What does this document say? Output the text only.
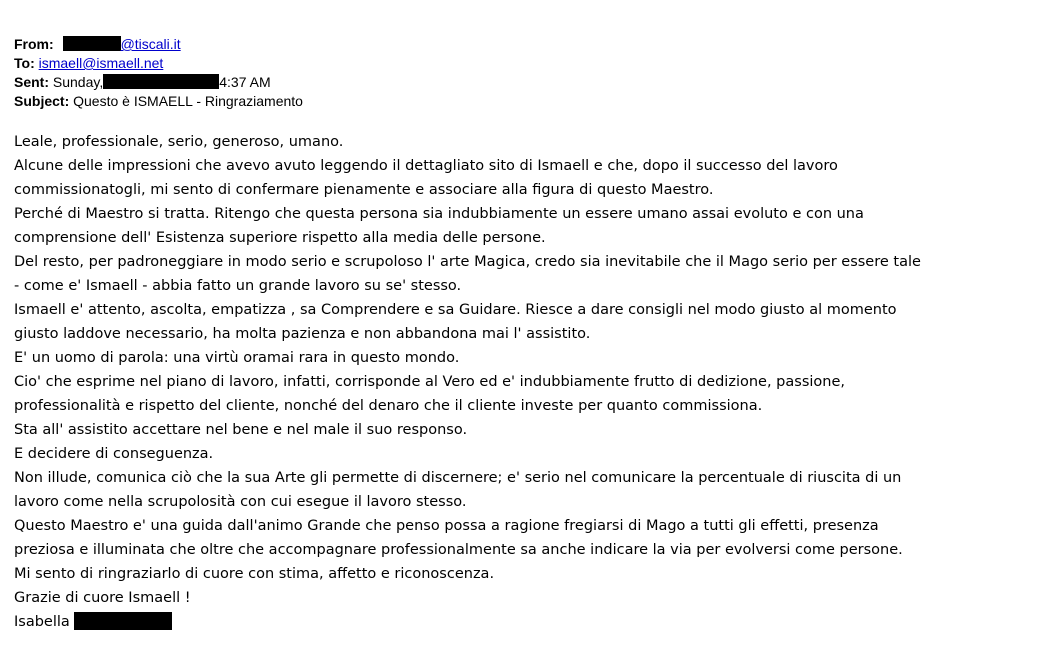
From:	@tiscali.it
To: ismaell@ismaell.net
Sent: Sunday,	4:37 AM
Subject: Questo è ISMAELL - Ringraziamento
Leale, professionale, serio, generoso, umano.
Alcune delle impressioni che avevo avuto leggendo il dettagliato sito di Ismaell e che, dopo il successo del lavoro
commissionatogli, mi sento di confermare pienamente e associare alla figura di questo Maestro.
Perché di Maestro si tratta. Ritengo che questa persona sia indubbiamente un essere umano assai evoluto e con una
comprensione dell' Esistenza superiore rispetto alla media delle persone.
Del resto, per padroneggiare in modo serio e scrupoloso l' arte Magica, credo sia inevitabile che il Mago serio per essere tale
- come e' Ismaell - abbia fatto un grande lavoro su se' stesso.
Ismaell e' attento, ascolta, empatizza , sa Comprendere e sa Guidare. Riesce a dare consigli nel modo giusto al momento
giusto laddove necessario, ha molta pazienza e non abbandona mai l' assistito.
E' un uomo di parola: una virtù oramai rara in questo mondo.
Cio' che esprime nel piano di lavoro, infatti, corrisponde al Vero ed e' indubbiamente frutto di dedizione, passione,
professionalità e rispetto del cliente, nonché del denaro che il cliente investe per quanto commissiona.
Sta all' assistito accettare nel bene e nel male il suo responso.
E decidere di conseguenza.
Non illude, comunica ciò che la sua Arte gli permette di discernere; e' serio nel comunicare la percentuale di riuscita di un
lavoro come nella scrupolosità con cui esegue il lavoro stesso.
Questo Maestro e' una guida dall'animo Grande che penso possa a ragione fregiarsi di Mago a tutti gli effetti, presenza
preziosa e illuminata che oltre che accompagnare professionalmente sa anche indicare la via per evolversi come persone.
Mi sento di ringraziarlo di cuore con stima, affetto e riconoscenza.
Grazie di cuore Ismaell !
Isabella
